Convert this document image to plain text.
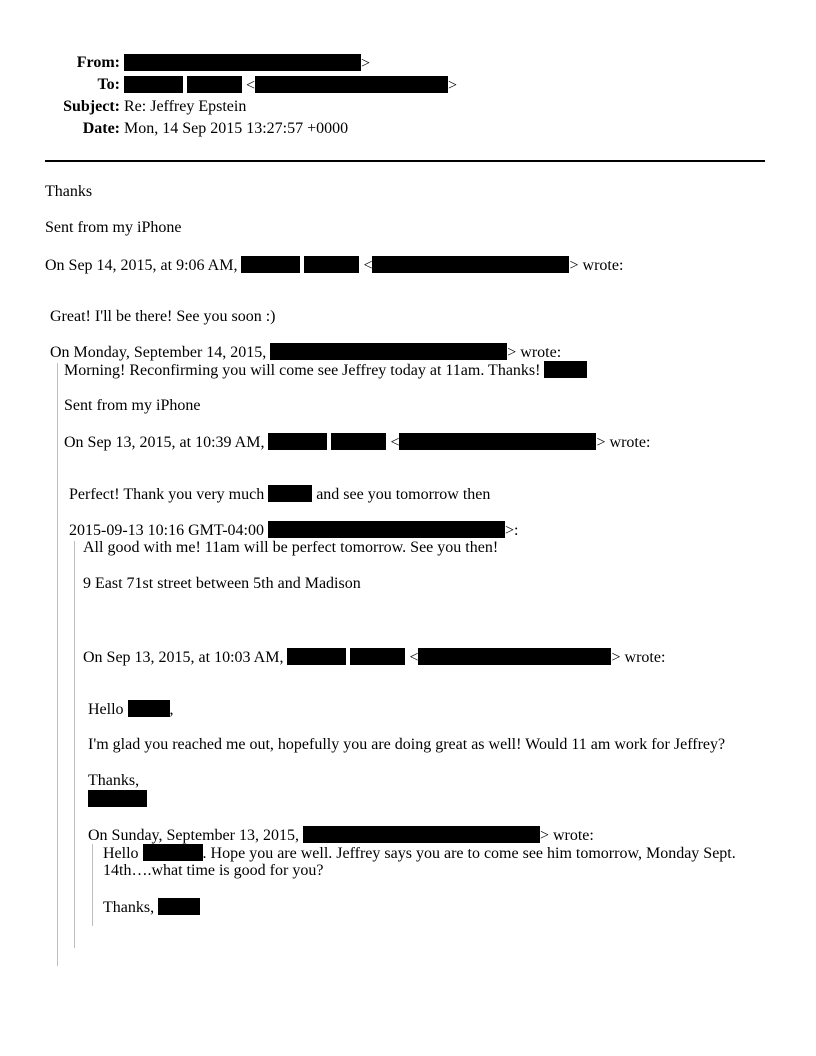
From:	>
To:	<	>
Subject: Re: Jeffrey Epstein
Date: Mon, 14 Sep 2015 13:27:57 +0000
Thanks
Sent from my iPhone
On Sep 14, 2015, at 9:06 AM,	<	> wrote:
Great! I'll be there! See you soon :)
On Monday, September 14, 2015,	> wrote:
Morning! Reconfirming you will come see Jeffrey today at 11am. Thanks!
Sent from my iPhone
On Sep 13, 2015, at 10:39 AM,	<	> wrote:
Perfect! Thank you very much	and see you tomorrow then
2015-09-13 10:16 GMT-04:00	>:
All good with me! 11am will be perfect tomorrow. See you then!
9 East 71st street between 5th and Madison
On Sep 13, 2015, at 10:03 AM,	<	> wrote:
Hello	,
I'm glad you reached me out, hopefully you are doing great as well! Would 11 am work for Jeffrey?
Thanks,
On Sunday, September 13, 2015,	> wrote:
Hello	. Hope you are well. Jeffrey says you are to come see him tomorrow, Monday Sept.
14th….what time is good for you?
Thanks,
